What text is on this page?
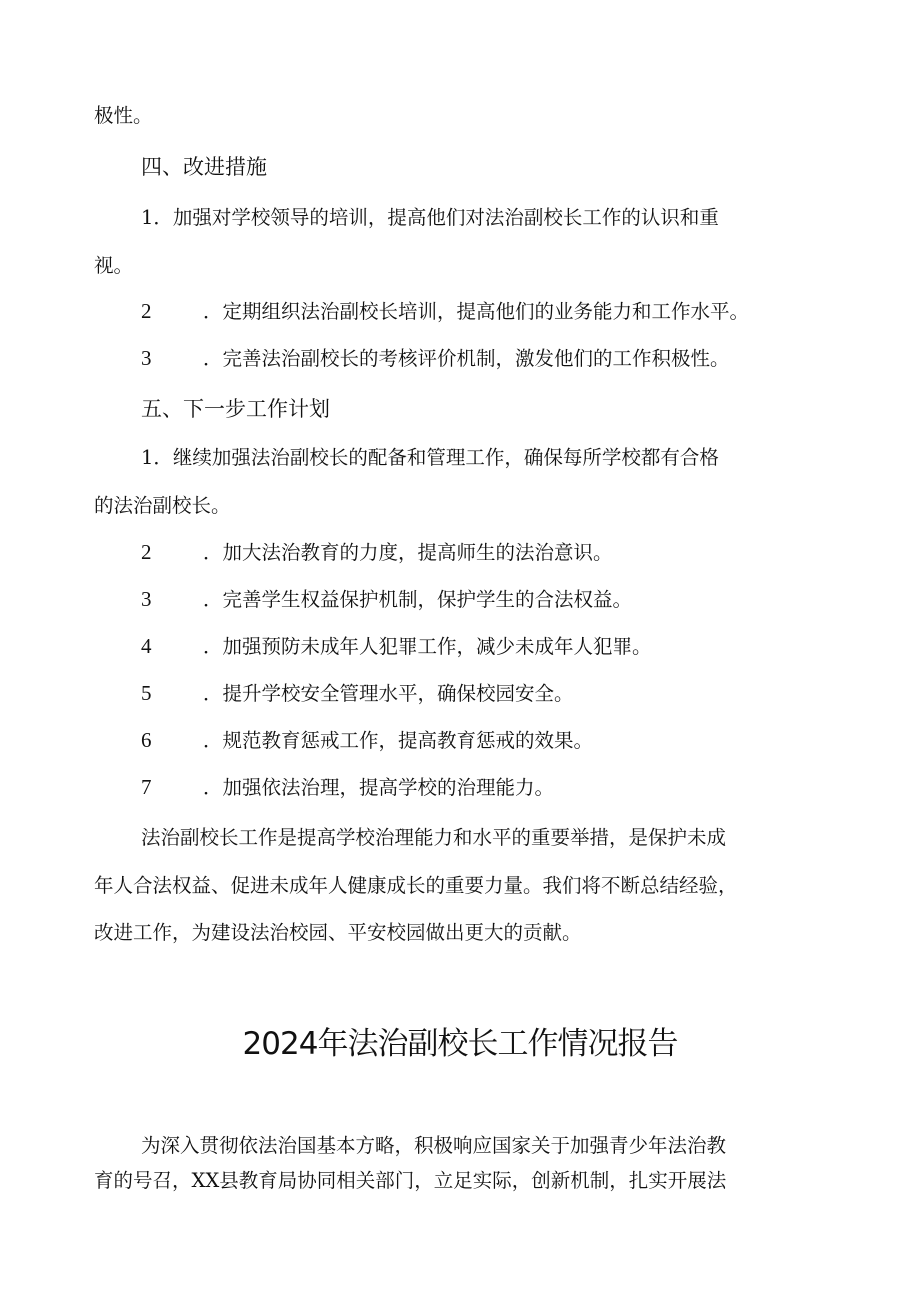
极性。
四、改进措施
1．加强对学校领导的培训，提高他们对法治副校长工作的认识和重
视。
2	．定期组织法治副校长培训，提高他们的业务能力和工作水平。
3	．完善法治副校长的考核评价机制，激发他们的工作积极性。
五、下一步工作计划
1．继续加强法治副校长的配备和管理工作，确保每所学校都有合格
的法治副校长。
2	．加大法治教育的力度，提高师生的法治意识。
3	．完善学生权益保护机制，保护学生的合法权益。
4	．加强预防未成年人犯罪工作，减少未成年人犯罪。
5	．提升学校安全管理水平，确保校园安全。
6	．规范教育惩戒工作，提高教育惩戒的效果。
7	．加强依法治理，提高学校的治理能力。
法治副校长工作是提高学校治理能力和水平的重要举措，是保护未成
年人合法权益、促进未成年人健康成长的重要力量。我们将不断总结经验，
改进工作，为建设法治校园、平安校园做出更大的贡献。
2024年法治副校长工作情况报告
为深入贯彻依法治国基本方略，积极响应国家关于加强青少年法治教
育的号召，XX县教育局协同相关部门，立足实际，创新机制，扎实开展法
